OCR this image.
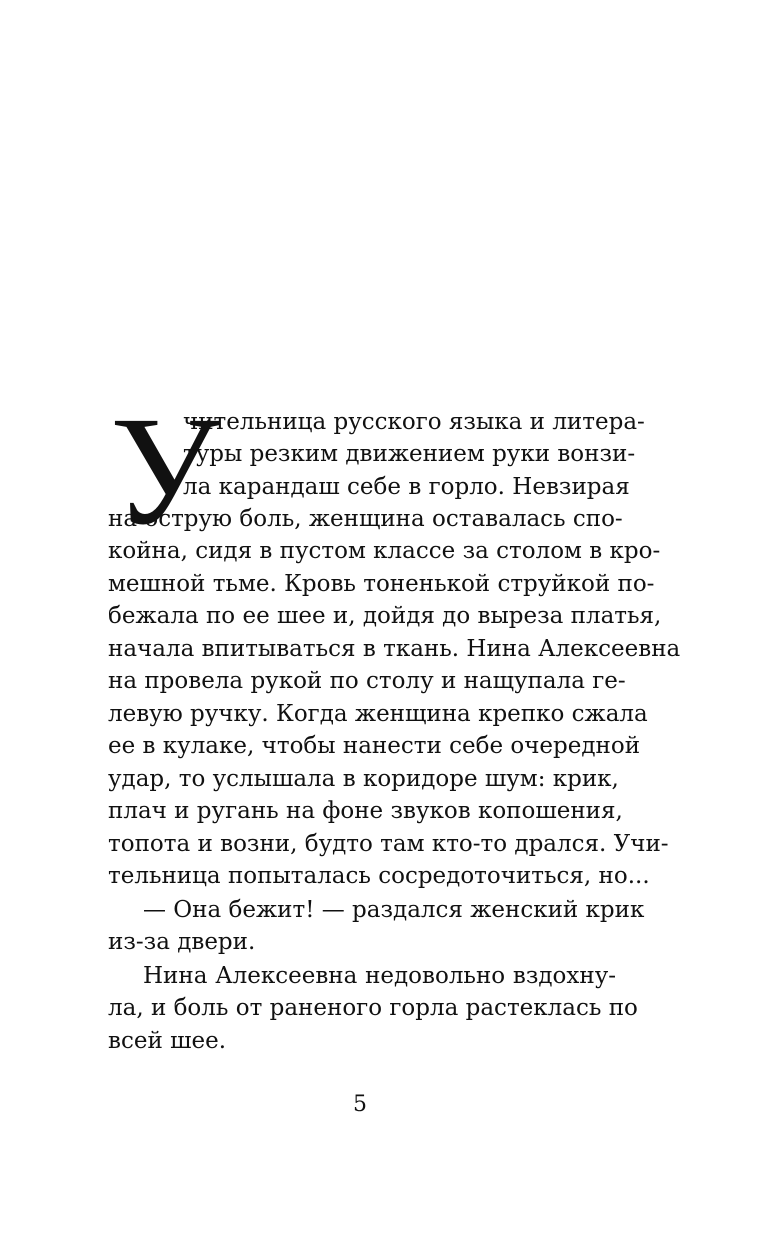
У
чительница русского языка и литера-
туры резким движением руки вонзи-
ла карандаш себе в горло. Невзирая
на острую боль, женщина оставалась спо-
койна, сидя в пустом классе за столом в кро-
мешной тьме. Кровь тоненькой струйкой по-
бежала по ее шее и, дойдя до выреза платья,
начала впитываться в ткань. Нина Алексеевна
на провела рукой по столу и нащупала ге-
левую ручку. Когда женщина крепко сжала
ее в кулаке, чтобы нанести себе очередной
удар, то услышала в коридоре шум: крик,
плач и ругань на фоне звуков копошения,
топота и возни, будто там кто-то дрался. Учи-
тельница попыталась сосредоточиться, но...
— Она бежит! — раздался женский крик
из-за двери.
Нина Алексеевна недовольно вздохну-
ла, и боль от раненого горла растеклась по
всей шее.
5
